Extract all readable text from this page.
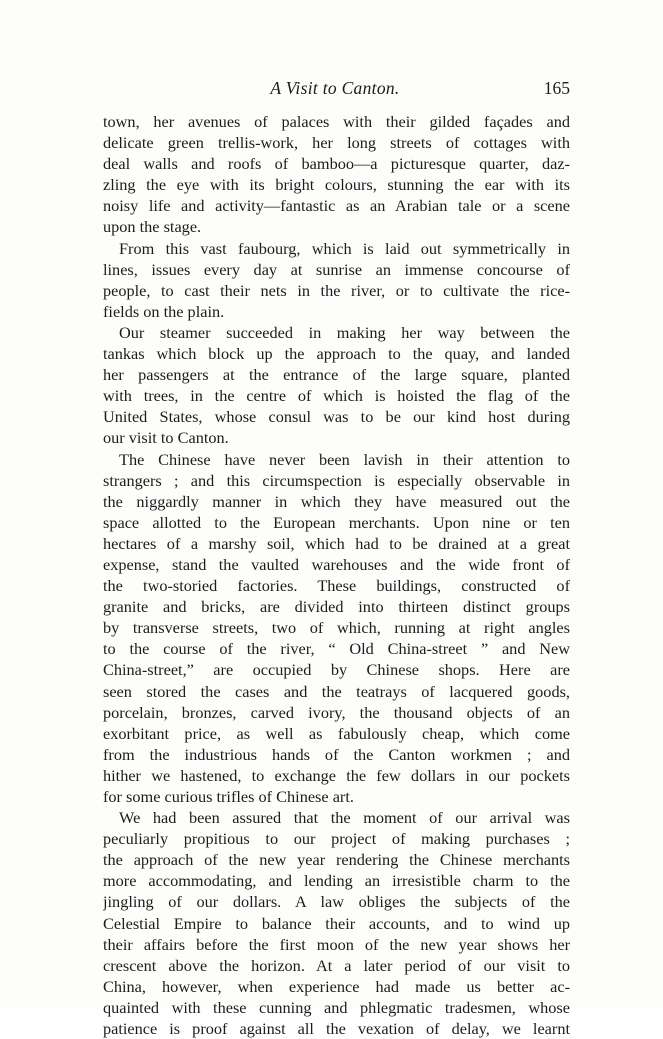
A Visit to Canton.	165
town, her avenues of palaces with their gilded façades and
delicate green trellis-work, her long streets of cottages with
deal walls and roofs of bamboo—a picturesque quarter, daz-
zling the eye with its bright colours, stunning the ear with its
noisy life and activity—fantastic as an Arabian tale or a scene
upon the stage.
From this vast faubourg, which is laid out symmetrically in
lines, issues every day at sunrise an immense concourse of
people, to cast their nets in the river, or to cultivate the rice-
fields on the plain.
Our steamer succeeded in making her way between the
tankas which block up the approach to the quay, and landed
her passengers at the entrance of the large square, planted
with trees, in the centre of which is hoisted the flag of the
United States, whose consul was to be our kind host during
our visit to Canton.
The Chinese have never been lavish in their attention to
strangers ; and this circumspection is especially observable in
the niggardly manner in which they have measured out the
space allotted to the European merchants. Upon nine or ten
hectares of a marshy soil, which had to be drained at a great
expense, stand the vaulted warehouses and the wide front of
the two-storied factories. These buildings, constructed of
granite and bricks, are divided into thirteen distinct groups
by transverse streets, two of which, running at right angles
to the course of the river, “ Old China-street ” and New
China-street,” are occupied by Chinese shops. Here are
seen stored the cases and the teatrays of lacquered goods,
porcelain, bronzes, carved ivory, the thousand objects of an
exorbitant price, as well as fabulously cheap, which come
from the industrious hands of the Canton workmen ; and
hither we hastened, to exchange the few dollars in our pockets
for some curious trifles of Chinese art.
We had been assured that the moment of our arrival was
peculiarly propitious to our project of making purchases ;
the approach of the new year rendering the Chinese merchants
more accommodating, and lending an irresistible charm to the
jingling of our dollars. A law obliges the subjects of the
Celestial Empire to balance their accounts, and to wind up
their affairs before the first moon of the new year shows her
crescent above the horizon. At a later period of our visit to
China, however, when experience had made us better ac-
quainted with these cunning and phlegmatic tradesmen, whose
patience is proof against all the vexation of delay, we learnt
